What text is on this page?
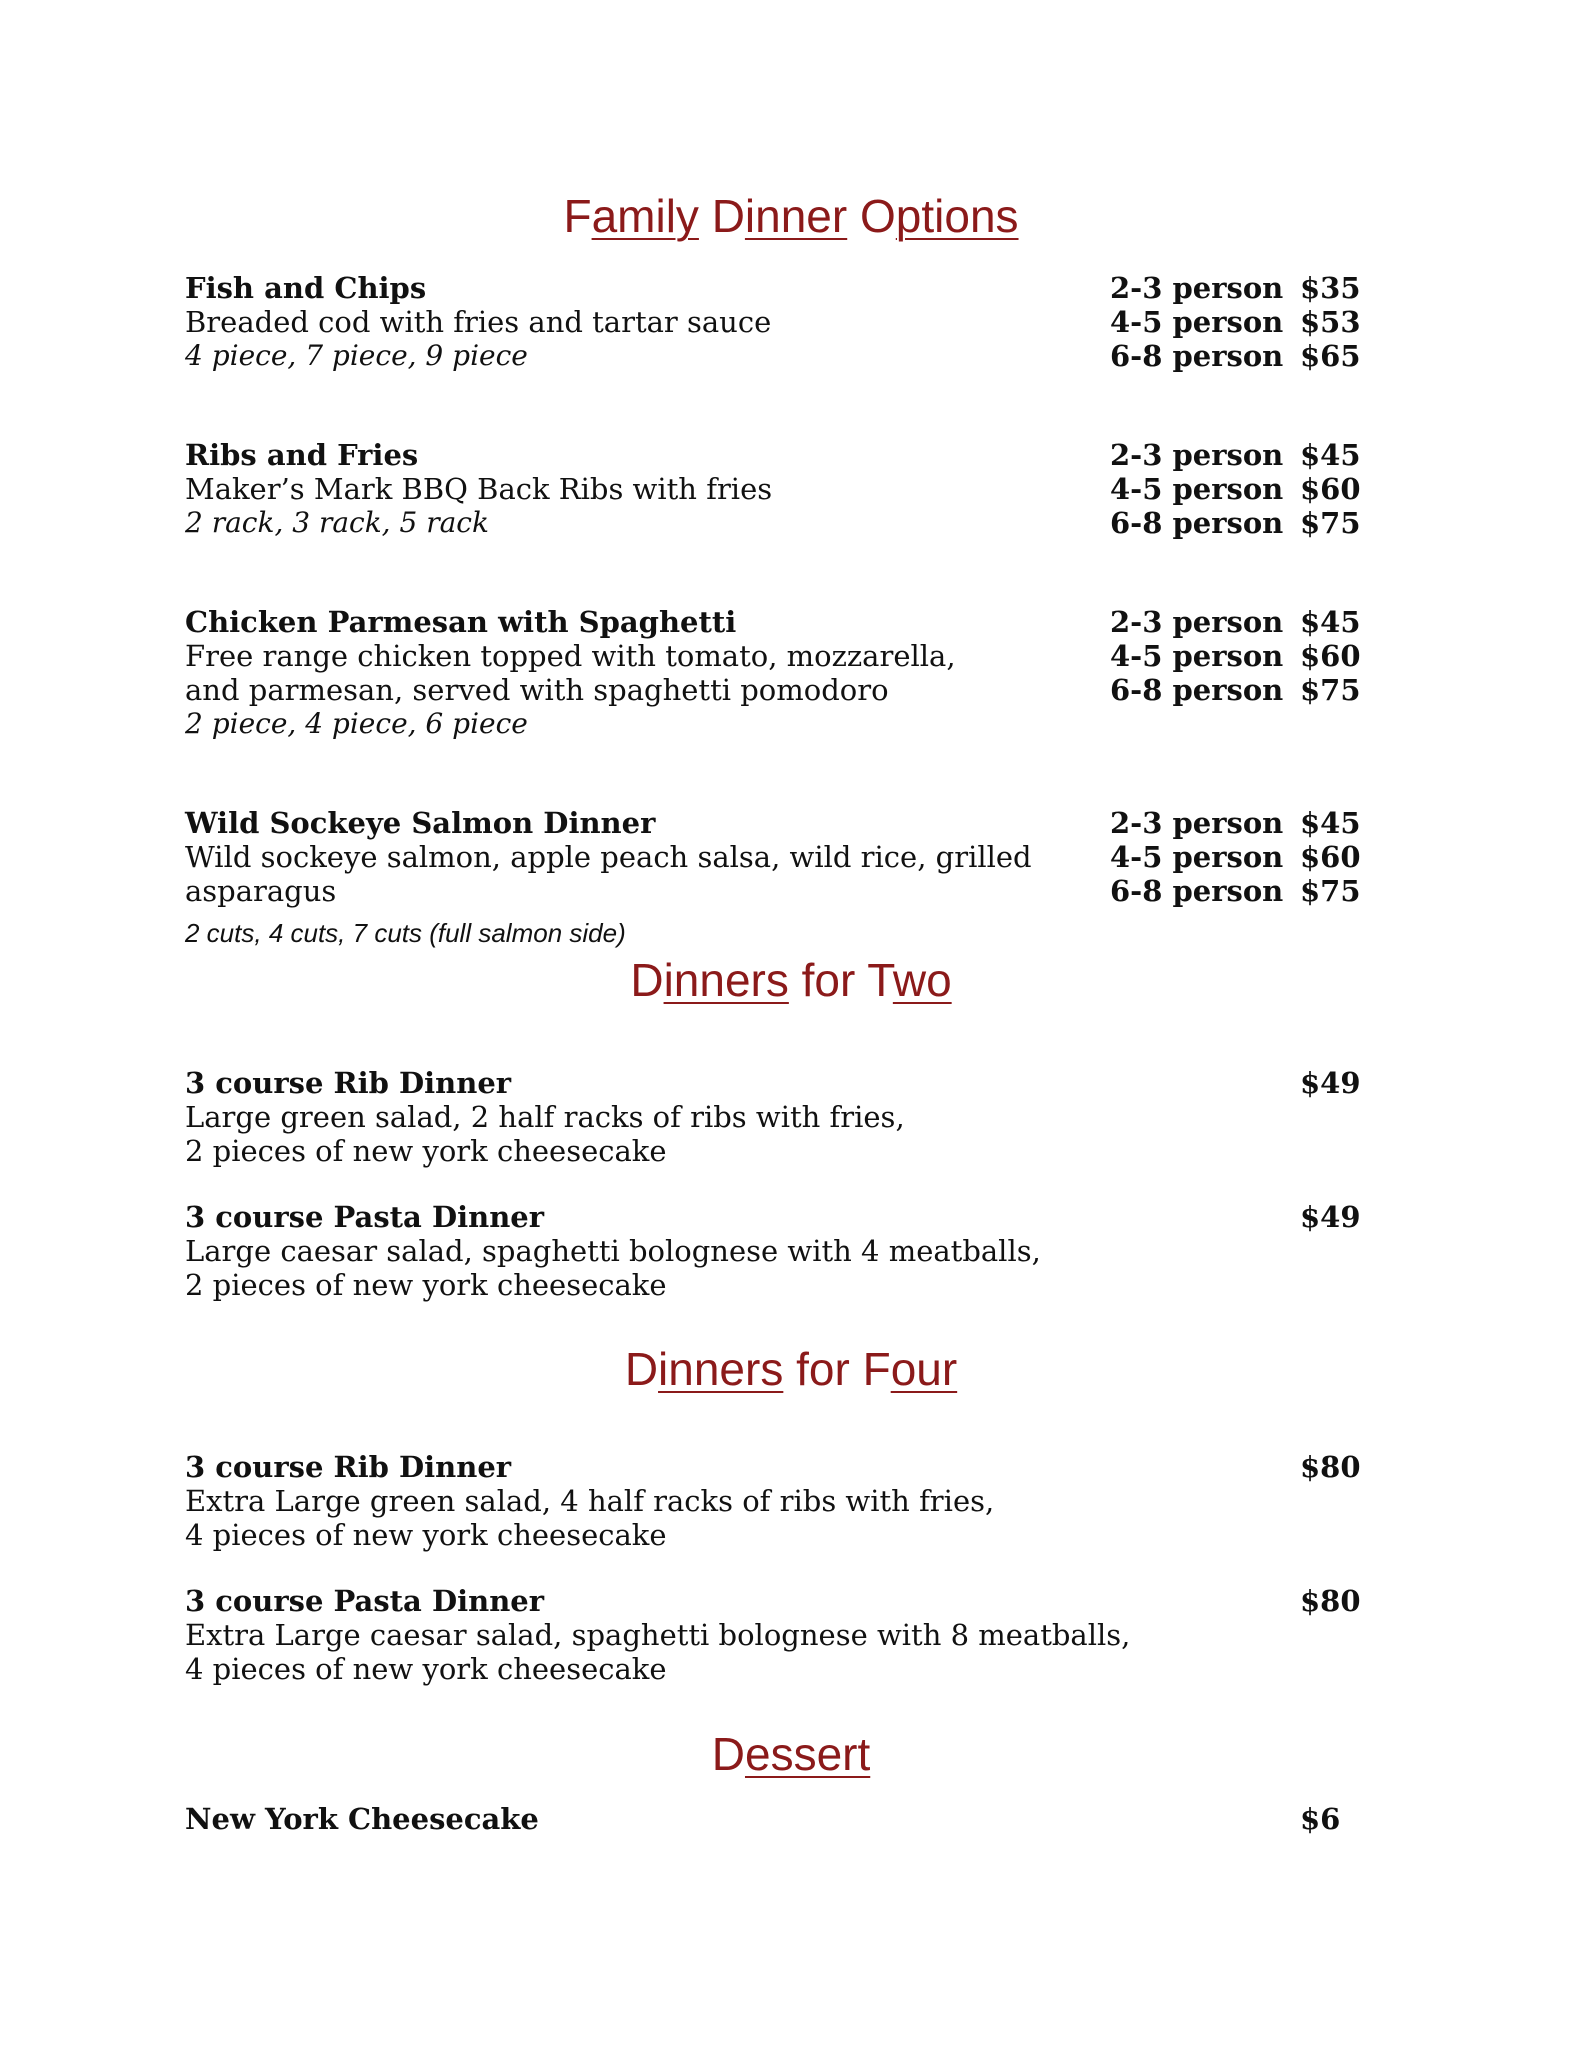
Family Dinner Options
Fish and Chips
Breaded cod with fries and tartar sauce
4 piece, 7 piece, 9 piece
2-3 person $35
4-5 person $53
6-8 person $65
Ribs and Fries
Maker’s Mark BBQ Back Ribs with fries
2 rack, 3 rack, 5 rack
2-3 person $45
4-5 person $60
6-8 person $75
Chicken Parmesan with Spaghetti
Free range chicken topped with tomato, mozzarella,
and parmesan, served with spaghetti pomodoro
2 piece, 4 piece, 6 piece
2-3 person $45
4-5 person $60
6-8 person $75
Wild Sockeye Salmon Dinner
Wild sockeye salmon, apple peach salsa, wild rice, grilled
asparagus
2 cuts, 4 cuts, 7 cuts (full salmon side)
2-3 person $45
4-5 person $60
6-8 person $75
Dinners for Two
3 course Rib Dinner
Large green salad, 2 half racks of ribs with fries,
2 pieces of new york cheesecake
$49
3 course Pasta Dinner
Large caesar salad, spaghetti bolognese with 4 meatballs,
2 pieces of new york cheesecake
$49
Dinners for Four
3 course Rib Dinner
Extra Large green salad, 4 half racks of ribs with fries,
4 pieces of new york cheesecake
$80
3 course Pasta Dinner
Extra Large caesar salad, spaghetti bolognese with 8 meatballs,
4 pieces of new york cheesecake
$80
Dessert
New York Cheesecake	$6
